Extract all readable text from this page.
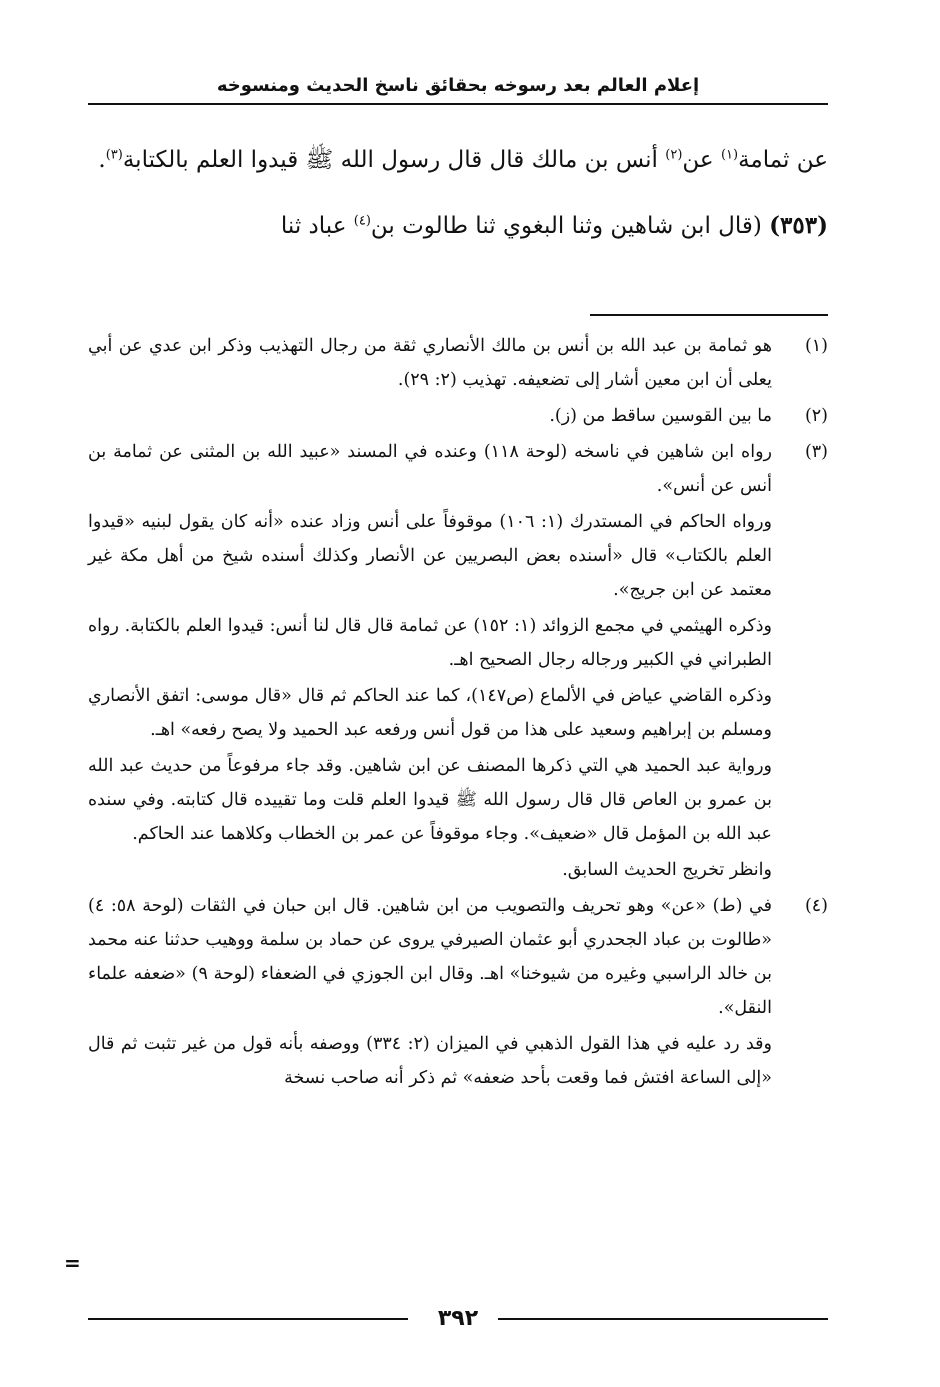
إعلام العالم بعد رسوخه بحقائق ناسخ الحديث ومنسوخه

عن ثمامة$^{(١)}$ عن$^{(٢)}$ أنس بن مالك قال قال رسول الله ﷺ قيدوا العلم بالكتابة$^{(٣)}$.

(٣٥٣) (قال ابن شاهين وثنا البغوي ثنا طالوت بن$^{(٤)}$ عباد ثنا

(١)

هو ثمامة بن عبد الله بن أنس بن مالك الأنصاري ثقة من رجال التهذيب وذكر ابن عدي عن أبي يعلى أن ابن معين أشار إلى تضعيفه. تهذيب (٢: ٢٩).

(٢)

ما بين القوسين ساقط من (ز).

(٣)

رواه ابن شاهين في ناسخه (لوحة ١١٨) وعنده في المسند «عبيد الله بن المثنى عن ثمامة بن أنس عن أنس».

ورواه الحاكم في المستدرك (١: ١٠٦) موقوفاً على أنس وزاد عنده «أنه كان يقول لبنيه «قيدوا العلم بالكتاب» قال «أسنده بعض البصريين عن الأنصار وكذلك أسنده شيخ من أهل مكة غير معتمد عن ابن جريج».

وذكره الهيثمي في مجمع الزوائد (١: ١٥٢) عن ثمامة قال قال لنا أنس: قيدوا العلم بالكتابة. رواه الطبراني في الكبير ورجاله رجال الصحيح اهـ.

وذكره القاضي عياض في الألماع (ص١٤٧)، كما عند الحاكم ثم قال «قال موسى: اتفق الأنصاري ومسلم بن إبراهيم وسعيد على هذا من قول أنس ورفعه عبد الحميد ولا يصح رفعه» اهـ.

ورواية عبد الحميد هي التي ذكرها المصنف عن ابن شاهين. وقد جاء مرفوعاً من حديث عبد الله بن عمرو بن العاص قال قال رسول الله ﷺ قيدوا العلم قلت وما تقييده قال كتابته. وفي سنده عبد الله بن المؤمل قال «ضعيف». وجاء موقوفاً عن عمر بن الخطاب وكلاهما عند الحاكم.

وانظر تخريج الحديث السابق.

(٤)

في (ط) «عن» وهو تحريف والتصويب من ابن شاهين. قال ابن حبان في الثقات (لوحة ٥٨: ٤) «طالوت بن عباد الجحدري أبو عثمان الصيرفي يروى عن حماد بن سلمة ووهيب حدثنا عنه محمد بن خالد الراسبي وغيره من شيوخنا» اهـ. وقال ابن الجوزي في الضعفاء (لوحة ٩) «ضعفه علماء النقل».

وقد رد عليه في هذا القول الذهبي في الميزان (٢: ٣٣٤) ووصفه بأنه قول من غير تثبت ثم قال «إلى الساعة افتش فما وقعت بأحد ضعفه» ثم ذكر أنه صاحب نسخة

=
٣٩٢
